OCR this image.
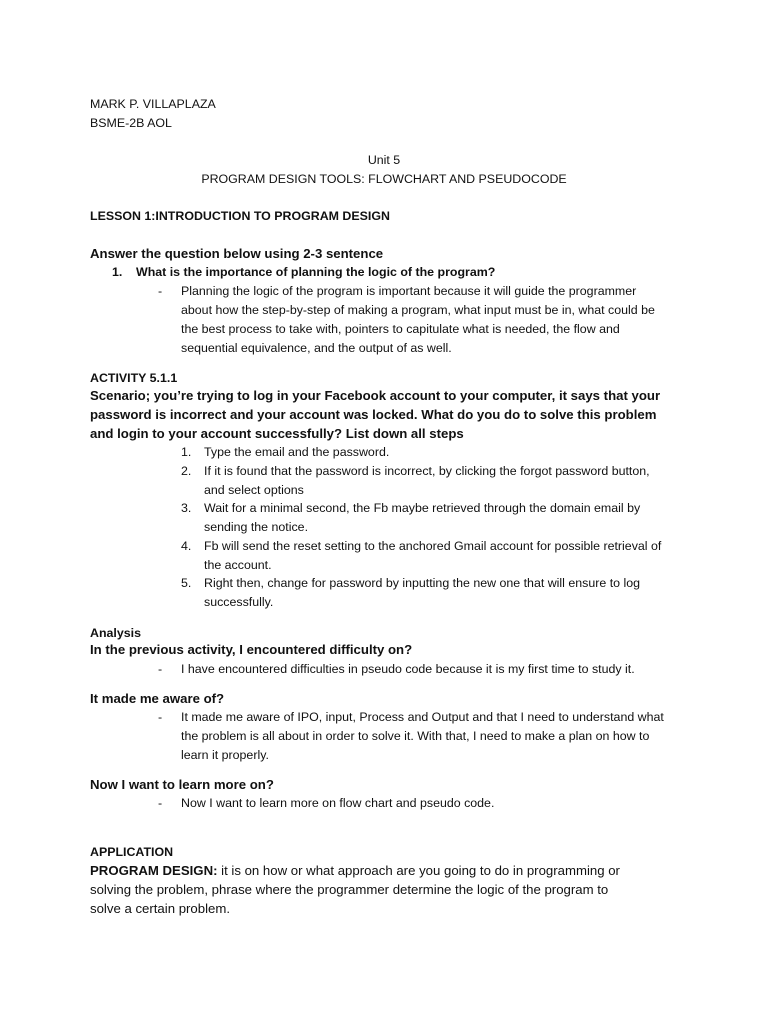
MARK P. VILLAPLAZA
BSME-2B AOL
Unit 5
PROGRAM DESIGN TOOLS: FLOWCHART AND PSEUDOCODE
LESSON 1:INTRODUCTION TO PROGRAM DESIGN
Answer the question below using 2-3 sentence
1. What is the importance of planning the logic of the program?
- Planning the logic of the program is important because it will guide the programmer
about how the step-by-step of making a program, what input must be in, what could be
the best process to take with, pointers to capitulate what is needed, the flow and
sequential equivalence, and the output of as well.
ACTIVITY 5.1.1
Scenario; you’re trying to log in your Facebook account to your computer, it says that your
password is incorrect and your account was locked. What do you do to solve this problem
and login to your account successfully? List down all steps
1. Type the email and the password.
2. If it is found that the password is incorrect, by clicking the forgot password button,
and select options
3. Wait for a minimal second, the Fb maybe retrieved through the domain email by
sending the notice.
4. Fb will send the reset setting to the anchored Gmail account for possible retrieval of
the account.
5. Right then, change for password by inputting the new one that will ensure to log
successfully.
Analysis
In the previous activity, I encountered difficulty on?
- I have encountered difficulties in pseudo code because it is my first time to study it.
It made me aware of?
- It made me aware of IPO, input, Process and Output and that I need to understand what
the problem is all about in order to solve it. With that, I need to make a plan on how to
learn it properly.
Now I want to learn more on?
- Now I want to learn more on flow chart and pseudo code.
APPLICATION
PROGRAM DESIGN: it is on how or what approach are you going to do in programming or
solving the problem, phrase where the programmer determine the logic of the program to
solve a certain problem.
